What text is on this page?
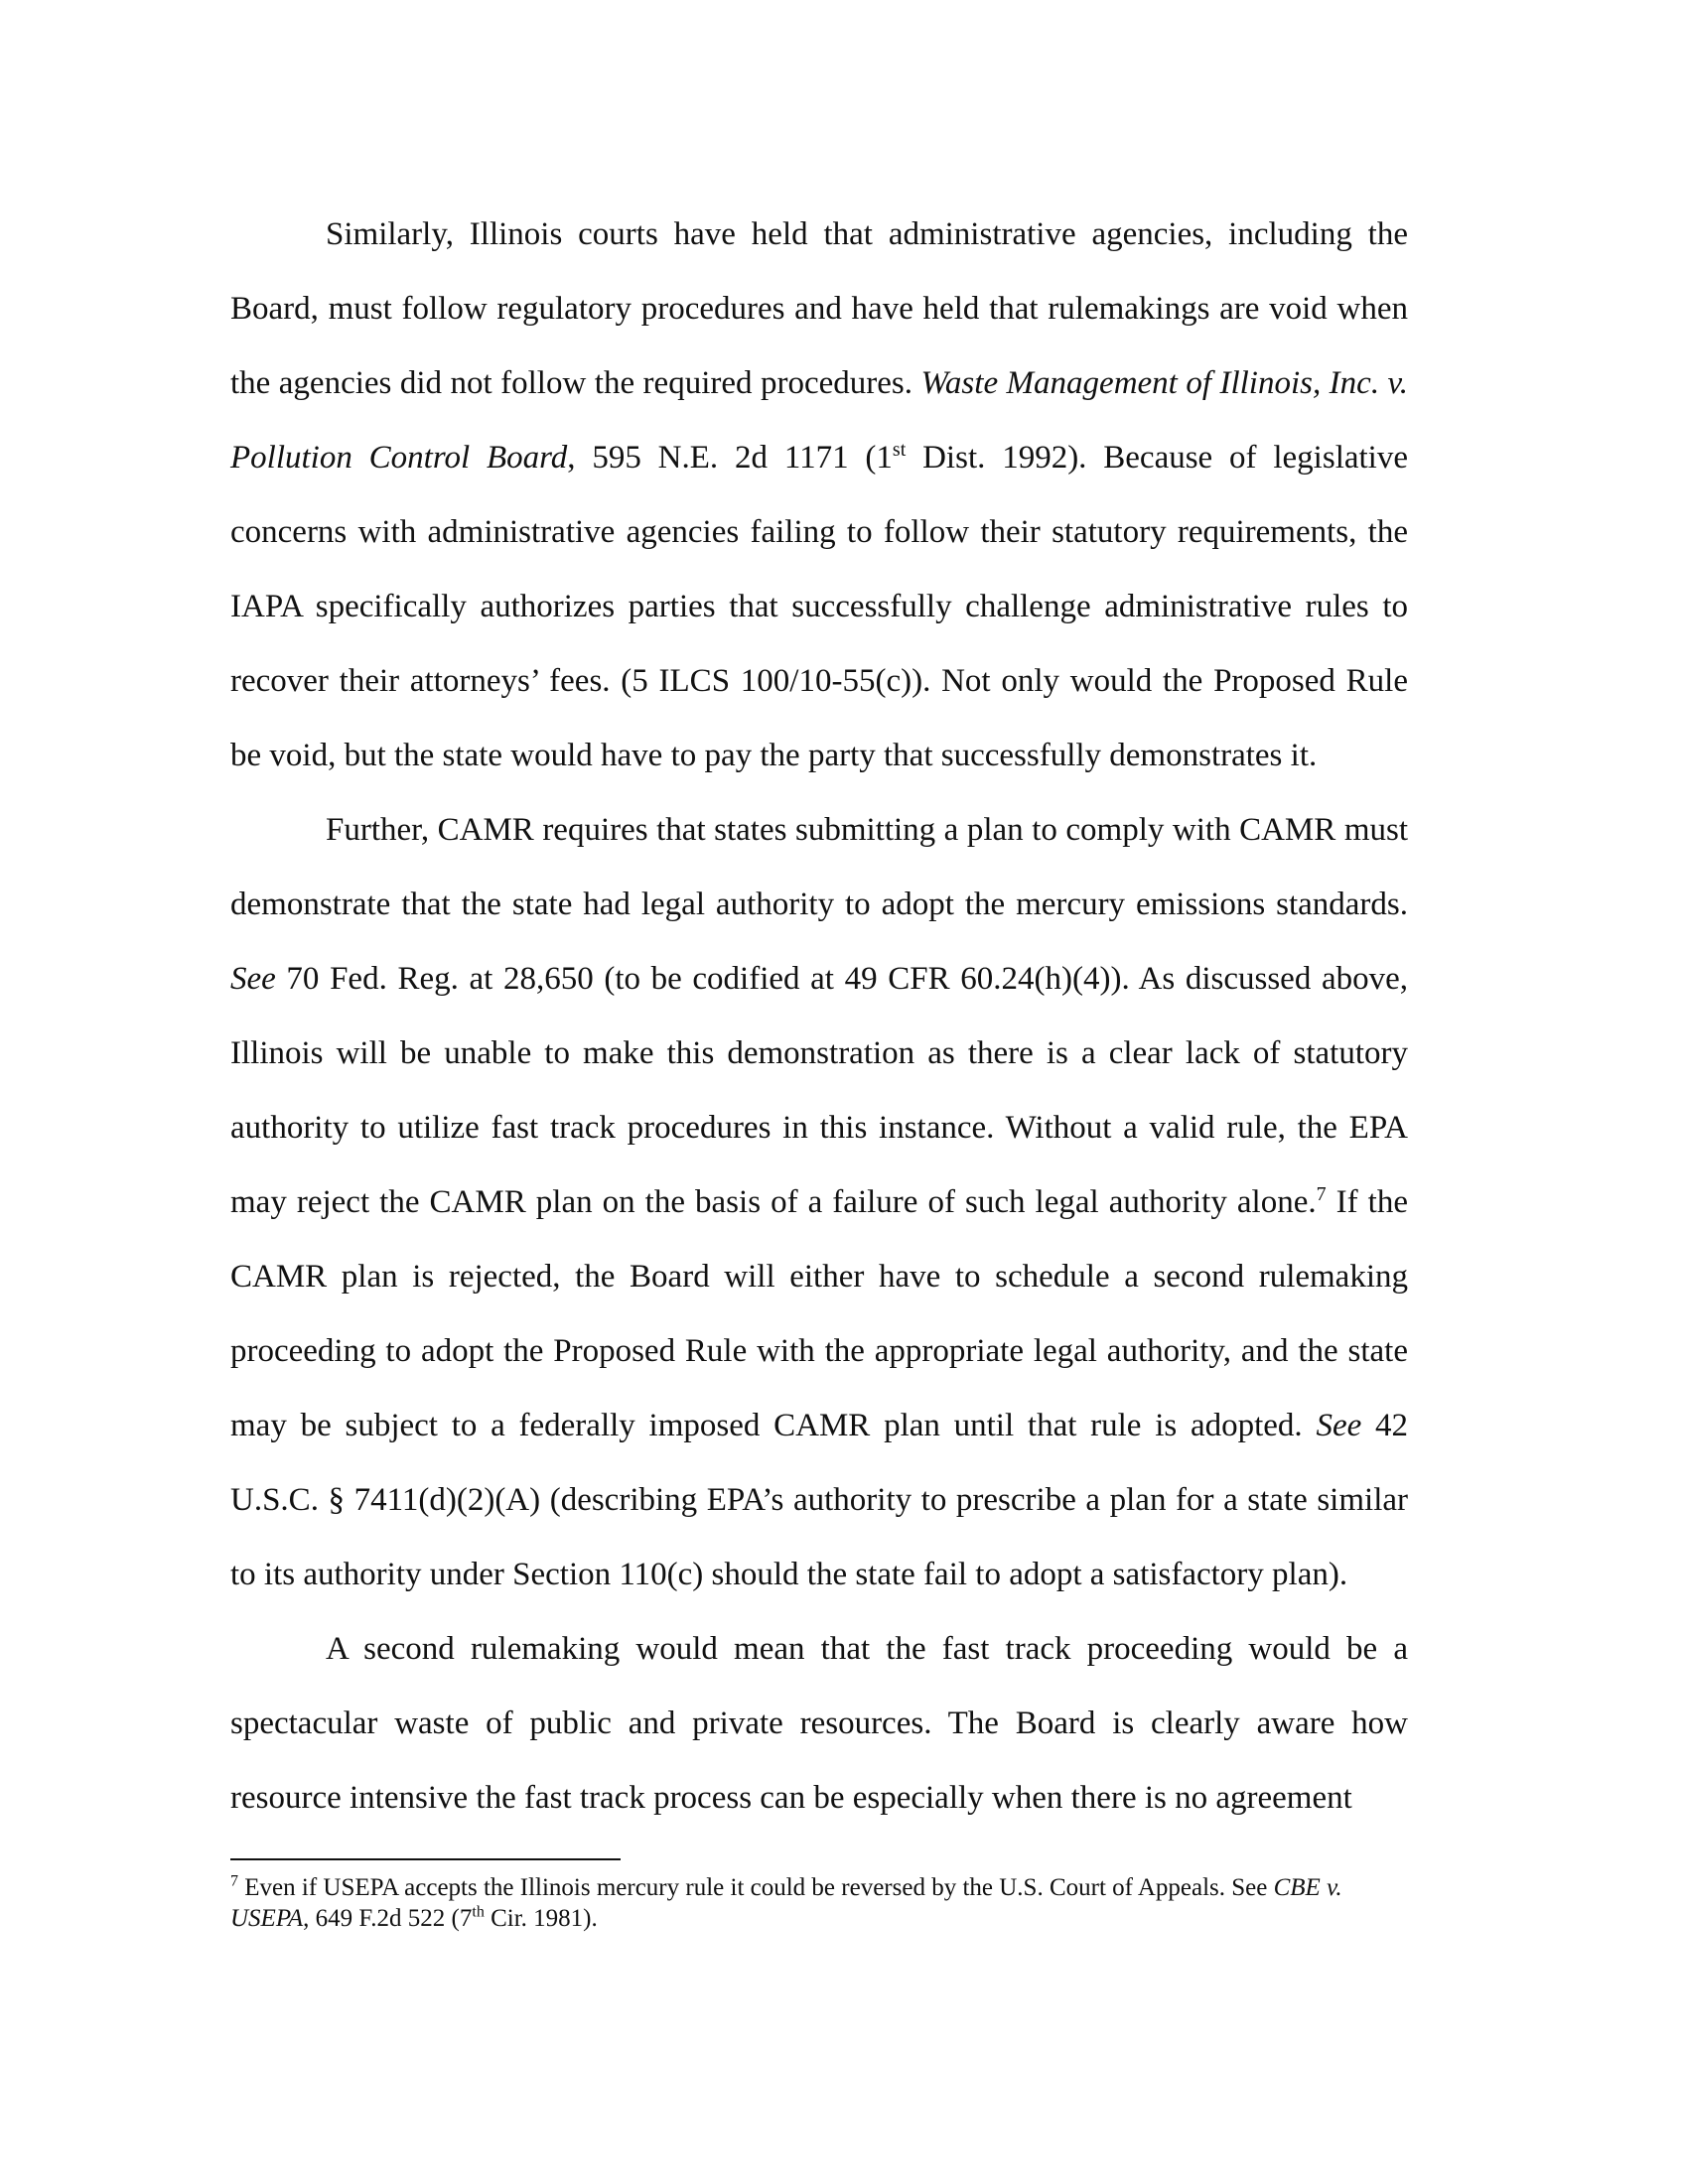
Similarly, Illinois courts have held that administrative agencies, including the Board, must follow regulatory procedures and have held that rulemakings are void when the agencies did not follow the required procedures. Waste Management of Illinois, Inc. v. Pollution Control Board, 595 N.E. 2d 1171 (1st Dist. 1992). Because of legislative concerns with administrative agencies failing to follow their statutory requirements, the IAPA specifically authorizes parties that successfully challenge administrative rules to recover their attorneys’ fees. (5 ILCS 100/10-55(c)). Not only would the Proposed Rule be void, but the state would have to pay the party that successfully demonstrates it.

Further, CAMR requires that states submitting a plan to comply with CAMR must demonstrate that the state had legal authority to adopt the mercury emissions standards. See 70 Fed. Reg. at 28,650 (to be codified at 49 CFR 60.24(h)(4)). As discussed above, Illinois will be unable to make this demonstration as there is a clear lack of statutory authority to utilize fast track procedures in this instance. Without a valid rule, the EPA may reject the CAMR plan on the basis of a failure of such legal authority alone.$^7$ If the CAMR plan is rejected, the Board will either have to schedule a second rulemaking proceeding to adopt the Proposed Rule with the appropriate legal authority, and the state may be subject to a federally imposed CAMR plan until that rule is adopted. See 42 U.S.C. § 7411(d)(2)(A) (describing EPA’s authority to prescribe a plan for a state similar to its authority under Section 110(c) should the state fail to adopt a satisfactory plan).

A second rulemaking would mean that the fast track proceeding would be a spectacular waste of public and private resources. The Board is clearly aware how resource intensive the fast track process can be especially when there is no agreement

$^7$ Even if USEPA accepts the Illinois mercury rule it could be reversed by the U.S. Court of Appeals. See CBE v. USEPA, 649 F.2d 522 (7th Cir. 1981).
